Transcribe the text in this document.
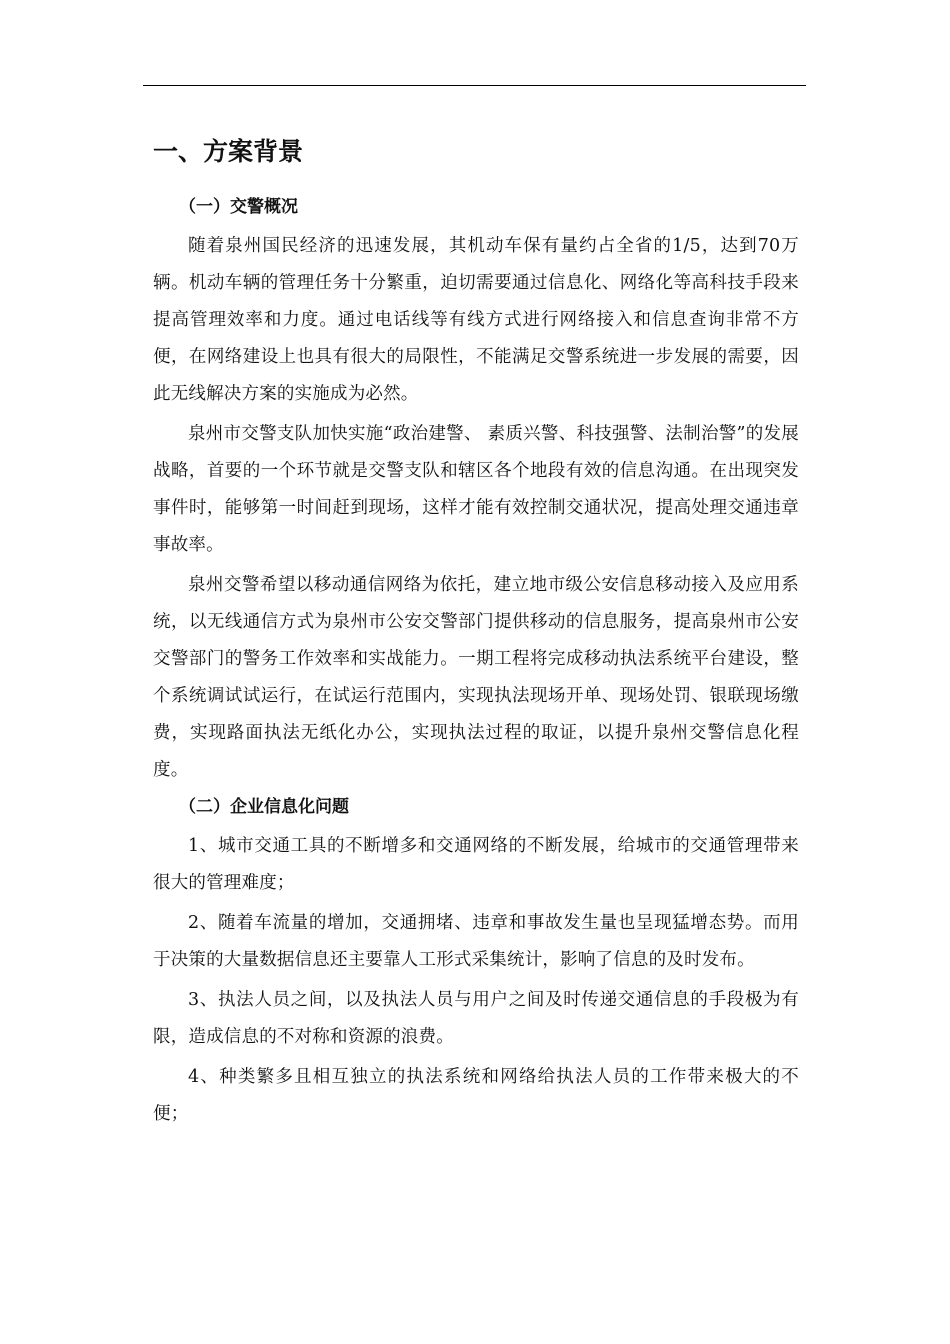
一、方案背景
（一）交警概况

随着泉州国民经济的迅速发展，其机动车保有量约占全省的1/5，达到70万辆。机动车辆的管理任务十分繁重，迫切需要通过信息化、网络化等高科技手段来提高管理效率和力度。通过电话线等有线方式进行网络接入和信息查询非常不方便，在网络建设上也具有很大的局限性，不能满足交警系统进一步发展的需要，因此无线解决方案的实施成为必然。

泉州市交警支队加快实施“政治建警、 素质兴警、科技强警、法制治警”的发展战略，首要的一个环节就是交警支队和辖区各个地段有效的信息沟通。在出现突发事件时，能够第一时间赶到现场，这样才能有效控制交通状况，提高处理交通违章事故率。

泉州交警希望以移动通信网络为依托，建立地市级公安信息移动接入及应用系统，以无线通信方式为泉州市公安交警部门提供移动的信息服务，提高泉州市公安交警部门的警务工作效率和实战能力。一期工程将完成移动执法系统平台建设，整个系统调试试运行，在试运行范围内，实现执法现场开单、现场处罚、银联现场缴费，实现路面执法无纸化办公，实现执法过程的取证，以提升泉州交警信息化程度。

（二）企业信息化问题

1、城市交通工具的不断增多和交通网络的不断发展，给城市的交通管理带来很大的管理难度；

2、随着车流量的增加，交通拥堵、违章和事故发生量也呈现猛增态势。而用于决策的大量数据信息还主要靠人工形式采集统计，影响了信息的及时发布。

3、执法人员之间，以及执法人员与用户之间及时传递交通信息的手段极为有限，造成信息的不对称和资源的浪费。

4、种类繁多且相互独立的执法系统和网络给执法人员的工作带来极大的不便；
